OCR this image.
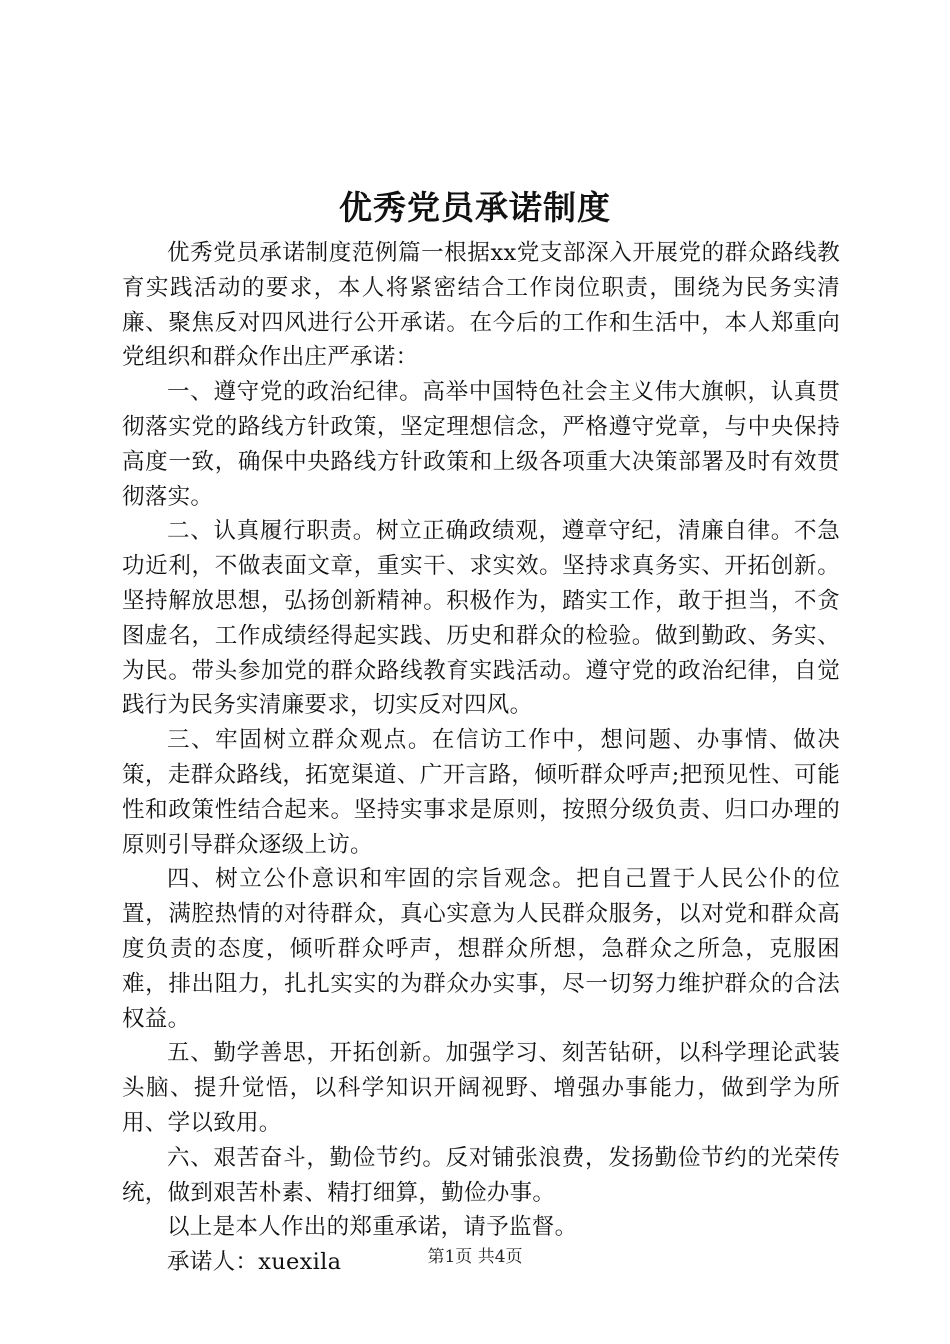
优秀党员承诺制度

优秀党员承诺制度范例篇一根据xx党支部深入开展党的群众路线教育实践活动的要求，本人将紧密结合工作岗位职责，围绕为民务实清廉、聚焦反对四风进行公开承诺。在今后的工作和生活中，本人郑重向党组织和群众作出庄严承诺：

一、遵守党的政治纪律。高举中国特色社会主义伟大旗帜，认真贯彻落实党的路线方针政策，坚定理想信念，严格遵守党章，与中央保持高度一致，确保中央路线方针政策和上级各项重大决策部署及时有效贯彻落实。

二、认真履行职责。树立正确政绩观，遵章守纪，清廉自律。不急功近利，不做表面文章，重实干、求实效。坚持求真务实、开拓创新。坚持解放思想，弘扬创新精神。积极作为，踏实工作，敢于担当，不贪图虚名，工作成绩经得起实践、历史和群众的检验。做到勤政、务实、为民。带头参加党的群众路线教育实践活动。遵守党的政治纪律，自觉践行为民务实清廉要求，切实反对四风。

三、牢固树立群众观点。在信访工作中，想问题、办事情、做决策，走群众路线，拓宽渠道、广开言路，倾听群众呼声;把预见性、可能性和政策性结合起来。坚持实事求是原则，按照分级负责、归口办理的原则引导群众逐级上访。

四、树立公仆意识和牢固的宗旨观念。把自己置于人民公仆的位置，满腔热情的对待群众，真心实意为人民群众服务，以对党和群众高度负责的态度，倾听群众呼声，想群众所想，急群众之所急，克服困难，排出阻力，扎扎实实的为群众办实事，尽一切努力维护群众的合法权益。

五、勤学善思，开拓创新。加强学习、刻苦钻研，以科学理论武装头脑、提升觉悟，以科学知识开阔视野、增强办事能力，做到学为所用、学以致用。

六、艰苦奋斗，勤俭节约。反对铺张浪费，发扬勤俭节约的光荣传统，做到艰苦朴素、精打细算，勤俭办事。

以上是本人作出的郑重承诺，请予监督。

承诺人：xuexila	第1页 共4页
